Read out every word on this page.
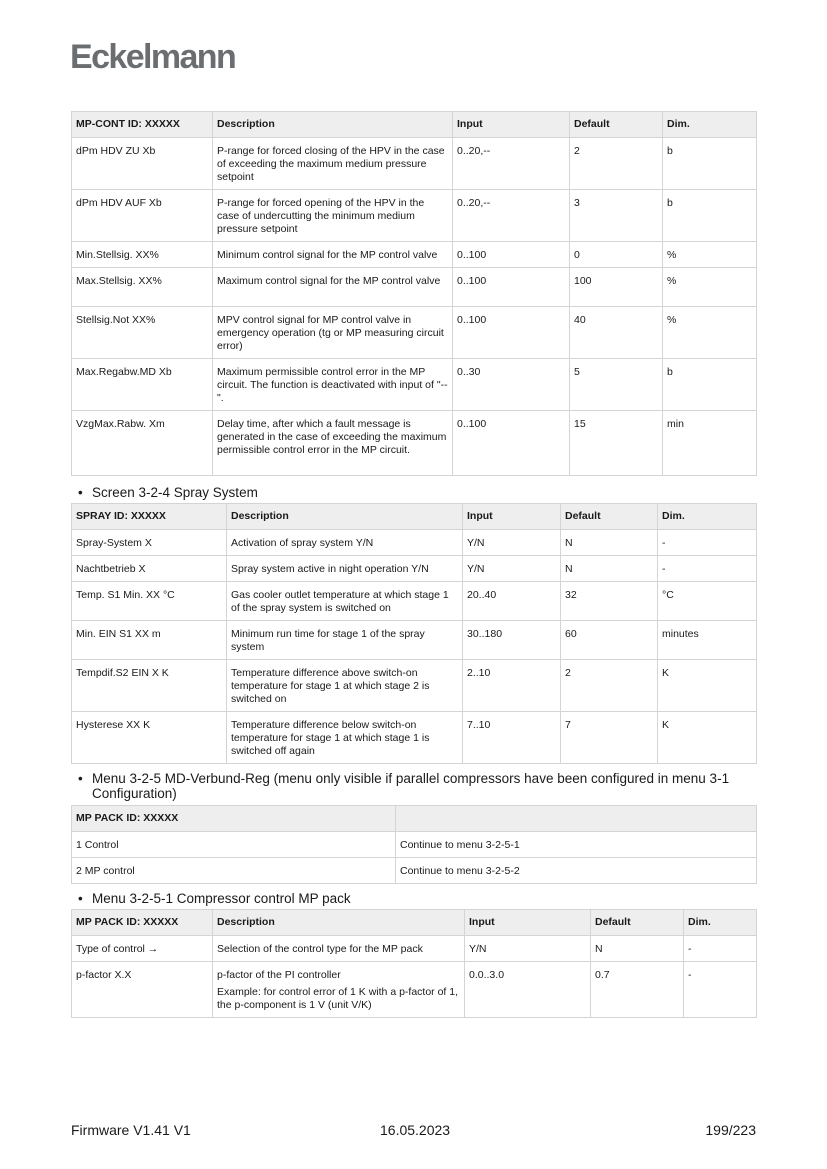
Eckelmann
MP-CONT ID: XXXXX	Description	Input	Default	Dim.
dPm HDV ZU Xb	P-range for forced closing of the HPV in the case of exceeding the maximum medium pressure setpoint	0..20,--	2	b
dPm HDV AUF Xb	P-range for forced opening of the HPV in the case of undercutting the minimum medium pressure setpoint	0..20,--	3	b
Min.Stellsig. XX%	Minimum control signal for the MP control valve	0..100	0	%
Max.Stellsig. XX%	Maximum control signal for the MP control valve	0..100	100	%
Stellsig.Not XX%	MPV control signal for MP control valve in emergency operation (tg or MP measuring circuit error)	0..100	40	%
Max.Regabw.MD Xb	Maximum permissible control error in the MP circuit. The function is deactivated with input of "--".	0..30	5	b
VzgMax.Rabw. Xm	Delay time, after which a fault message is generated in the case of exceeding the maximum permissible control error in the MP circuit.	0..100	15	min
• Screen 3-2-4 Spray System
SPRAY ID: XXXXX	Description	Input	Default	Dim.
Spray-System X	Activation of spray system Y/N	Y/N	N	-
Nachtbetrieb X	Spray system active in night operation Y/N	Y/N	N	-
Temp. S1 Min. XX °C	Gas cooler outlet temperature at which stage 1 of the spray system is switched on	20..40	32	°C
Min. EIN S1 XX m	Minimum run time for stage 1 of the spray system	30..180	60	minutes
Tempdif.S2 EIN X K	Temperature difference above switch-on temperature for stage 1 at which stage 2 is switched on	2..10	2	K
Hysterese XX K	Temperature difference below switch-on temperature for stage 1 at which stage 1 is switched off again	7..10	7	K
• Menu 3-2-5 MD-Verbund-Reg (menu only visible if parallel compressors have been configured in menu 3-1
Configuration)
MP PACK ID: XXXXX	
1 Control	Continue to menu 3-2-5-1
2 MP control	Continue to menu 3-2-5-2
• Menu 3-2-5-1 Compressor control MP pack
MP PACK ID: XXXXX	Description	Input	Default	Dim.
Type of control →	Selection of the control type for the MP pack	Y/N	N	-
p-factor X.X	p-factor of the PI controller
Example: for control error of 1 K with a p-factor of 1, the p-component is 1 V (unit V/K)	0.0..3.0	0.7	-
Firmware V1.41 V1	16.05.2023	199/223
